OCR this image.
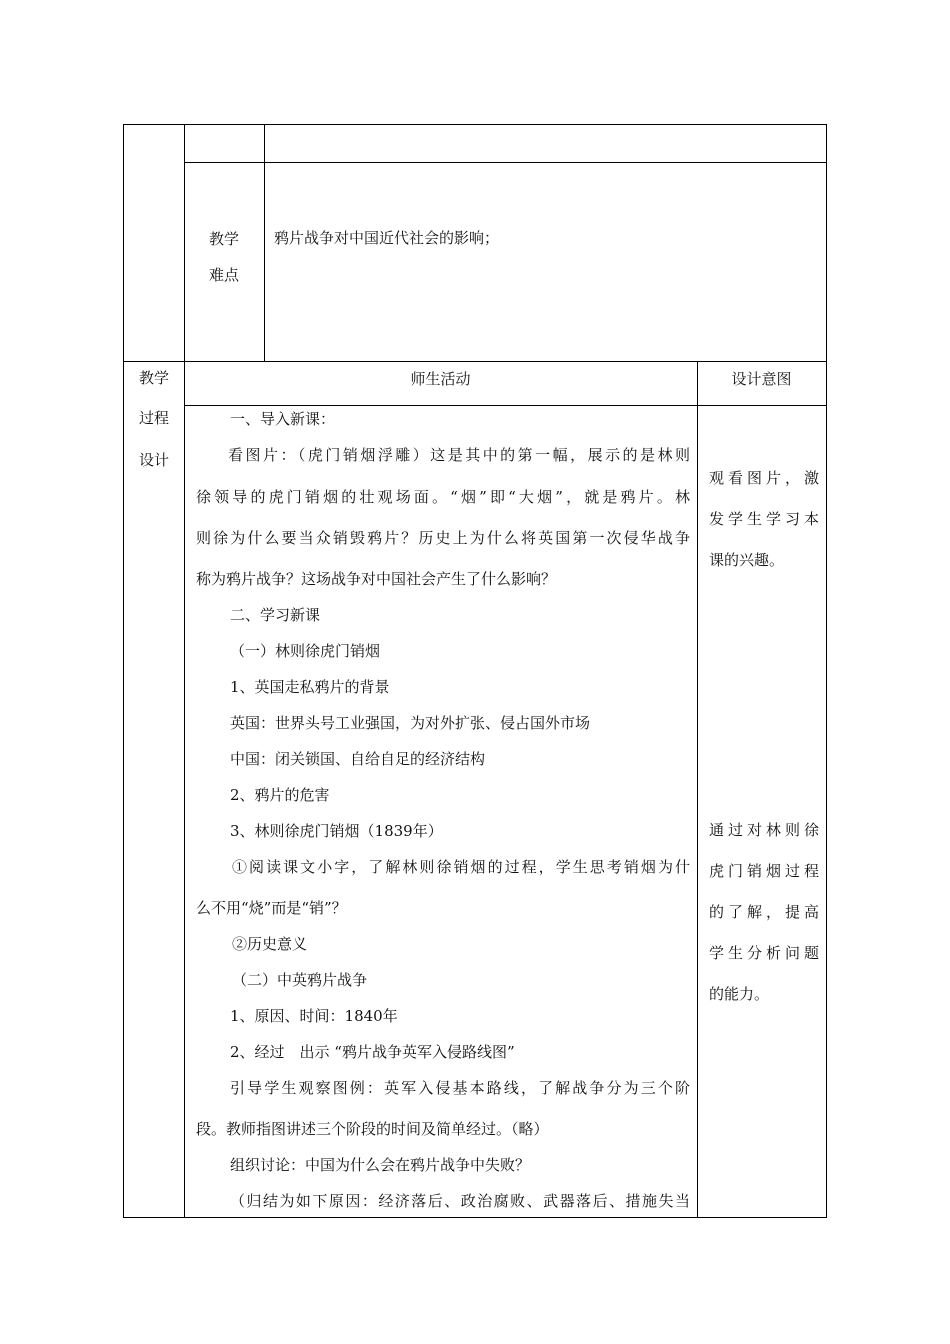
教学
难点
鸦片战争对中国近代社会的影响；
教学
过程
设计
师生活动	设计意图
一、导入新课：
看图片：（虎门销烟浮雕）这是其中的第一幅，展示的是林则
徐领导的虎门销烟的壮观场面。“烟”即“大烟”，就是鸦片。林
则徐为什么要当众销毁鸦片？历史上为什么将英国第一次侵华战争
称为鸦片战争？这场战争对中国社会产生了什么影响？
二、学习新课
（一）林则徐虎门销烟
1、英国走私鸦片的背景
英国：世界头号工业强国，为对外扩张、侵占国外市场
中国：闭关锁国、自给自足的经济结构
2、鸦片的危害
3、林则徐虎门销烟（1839年）
①阅读课文小字，了解林则徐销烟的过程，学生思考销烟为什
么不用“烧”而是“销”？
②历史意义
（二）中英鸦片战争
1、原因、时间：1840年
2、经过　出示 “鸦片战争英军入侵路线图”
引导学生观察图例：英军入侵基本路线，了解战争分为三个阶
段。教师指图讲述三个阶段的时间及简单经过。（略）
组织讨论：中国为什么会在鸦片战争中失败？
（归结为如下原因：经济落后、政治腐败、武器落后、措施失当
观看图片，激
发学生学习本
课的兴趣。
通过对林则徐
虎门销烟过程
的了解，提高
学生分析问题
的能力。
